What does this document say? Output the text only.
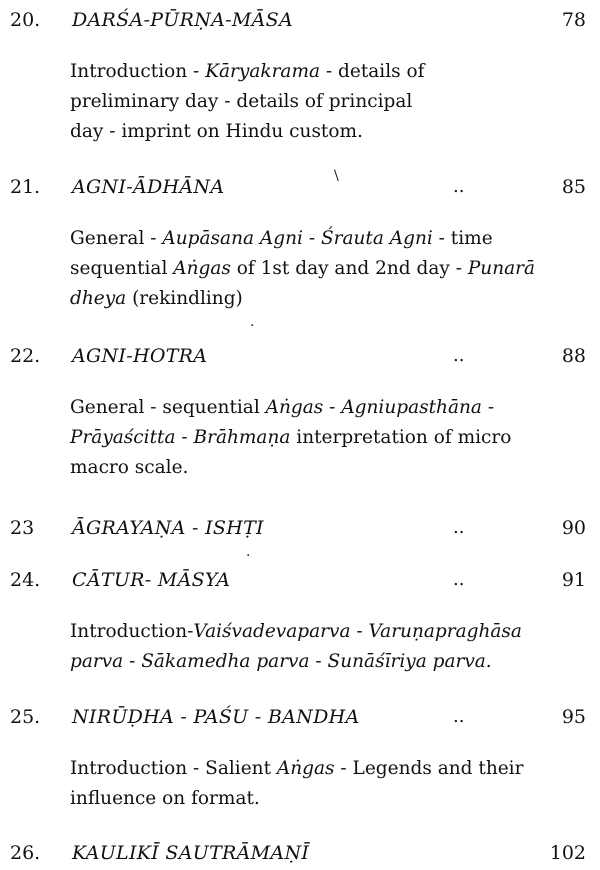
20. DARŚA-PŪRṆA-MĀSA	78
Introduction - Kāryakrama - details of
preliminary day - details of principal
day - imprint on Hindu custom.
21. AGNI-ĀDHĀNA	..	85
General - Aupāsana Agni - Śrauta Agni - time
sequential Aṅgas of 1st day and 2nd day - Punarā
dheya (rekindling)
22. AGNI-HOTRA	..	88
General - sequential Aṅgas - Agniupasthāna -
Prāyaścitta - Brāhmaṇa interpretation of micro
macro scale.
23 ĀGRAYAṆA - ISHṬI	..	90
24. CĀTUR- MĀSYA	..	91
Introduction-Vaiśvadevaparva - Varuṇapraghāsa
parva - Sākamedha parva - Sunāśīriya parva.
25. NIRŪḌHA - PAŚU - BANDHA	..	95
Introduction - Salient Aṅgas - Legends and their
influence on format.
26. KAULIKĪ SAUTRĀMAṆĪ	102
\
·
·
